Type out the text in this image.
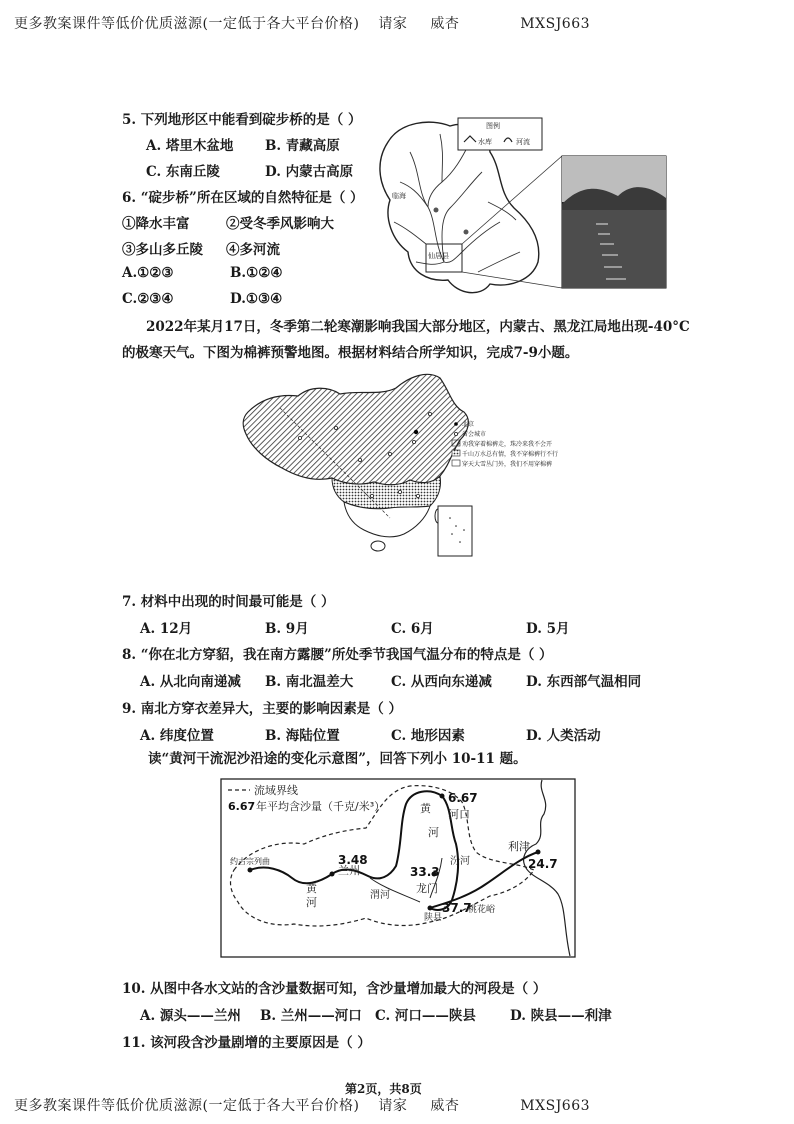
更多教案课件等低价优质滋源(一定低于各大平台价格) 请家 威杏	MXSJ663
5. 下列地形区中能看到碇步桥的是（ ）
A. 塔里木盆地 B. 青藏高原
C. 东南丘陵	D. 内蒙古高原
6. “碇步桥”所在区域的自然特征是（ ）
①降水丰富	②受冬季风影响大
③多山多丘陵 ④多河流
A.①②③	B.①②④
C.②③④	D.①③④
临海
仙居县
图例
水库	河流
2022年某月17日，冬季第二轮寒潮影响我国大部分地区，内蒙古、黑龙江局地出现-40°C
的极寒天气。下图为棉裤预警地图。根据材料结合所学知识，完成7-9小题。
北京
省会城市
劝我穿着棉裤走，珠冷来我不会开
千山万水总有情，我不穿棉裤行不行
穿天大雪丛门外，我们不用穿棉裤
7. 材料中出现的时间最可能是（ ）
A. 12月	B. 9月	C. 6月	D. 5月
8. “你在北方穿貂，我在南方露腰”所处季节我国气温分布的特点是（ ）
A. 从北向南递减 B. 南北温差大	C. 从西向东递减	D. 东西部气温相同
9. 南北方穿衣差异大，主要的影响因素是（ ）
A. 纬度位置	B. 海陆位置	C. 地形因素	D. 人类活动
读“黄河干流泥沙沿途的变化示意图”，回答下列小 10-11 题。
流域界线
6.67 年平均含沙量（千克/米³）
约古宗列曲
兰州
3.48
6.67
河口
33.3
龙门
陕县
37.7
桃花峪
利津
24.7
黄
河
黄
河
渭河
汾河
10. 从图中各水文站的含沙量数据可知，含沙量增加最大的河段是（ ）
A. 源头——兰州 B. 兰州——河口 C. 河口——陕县	D. 陕县——利津
11. 该河段含沙量剧增的主要原因是（ ）
第2页，共8页
更多教案课件等低价优质滋源(一定低于各大平台价格) 请家 威杏	MXSJ663
